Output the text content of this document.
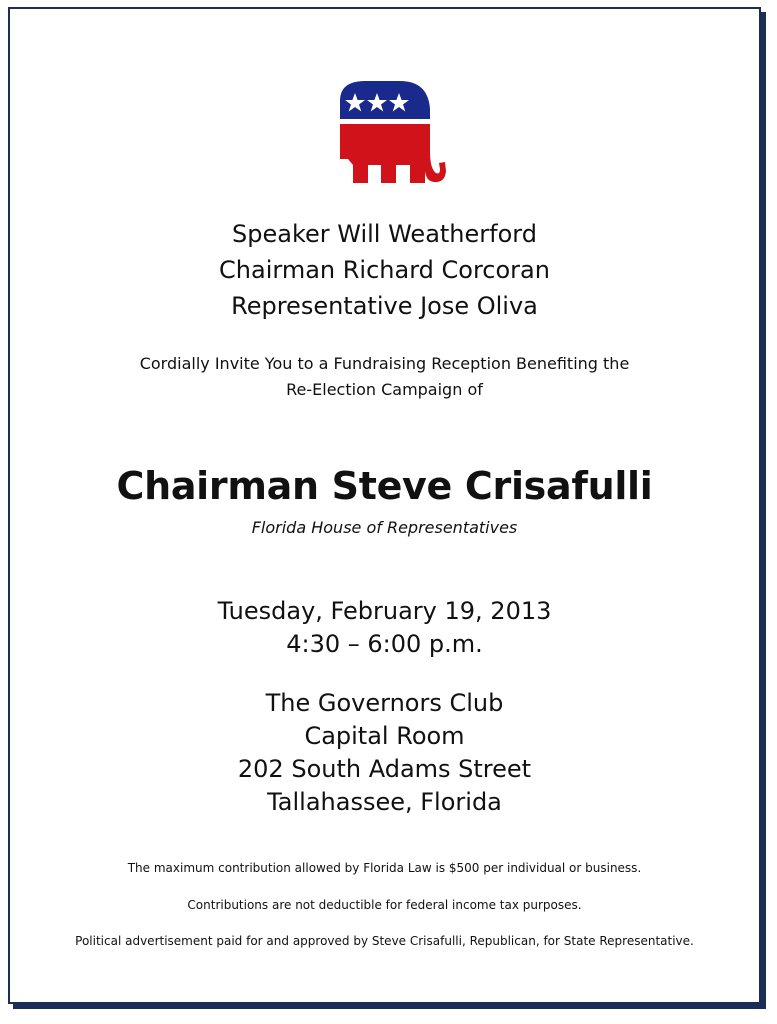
Speaker Will Weatherford
Chairman Richard Corcoran
Representative Jose Oliva
Cordially Invite You to a Fundraising Reception Benefiting the
Re-Election Campaign of
Chairman Steve Crisafulli
Florida House of Representatives
Tuesday, February 19, 2013
4:30 – 6:00 p.m.
The Governors Club
Capital Room
202 South Adams Street
Tallahassee, Florida
The maximum contribution allowed by Florida Law is $500 per individual or business.
Contributions are not deductible for federal income tax purposes.
Political advertisement paid for and approved by Steve Crisafulli, Republican, for State Representative.
